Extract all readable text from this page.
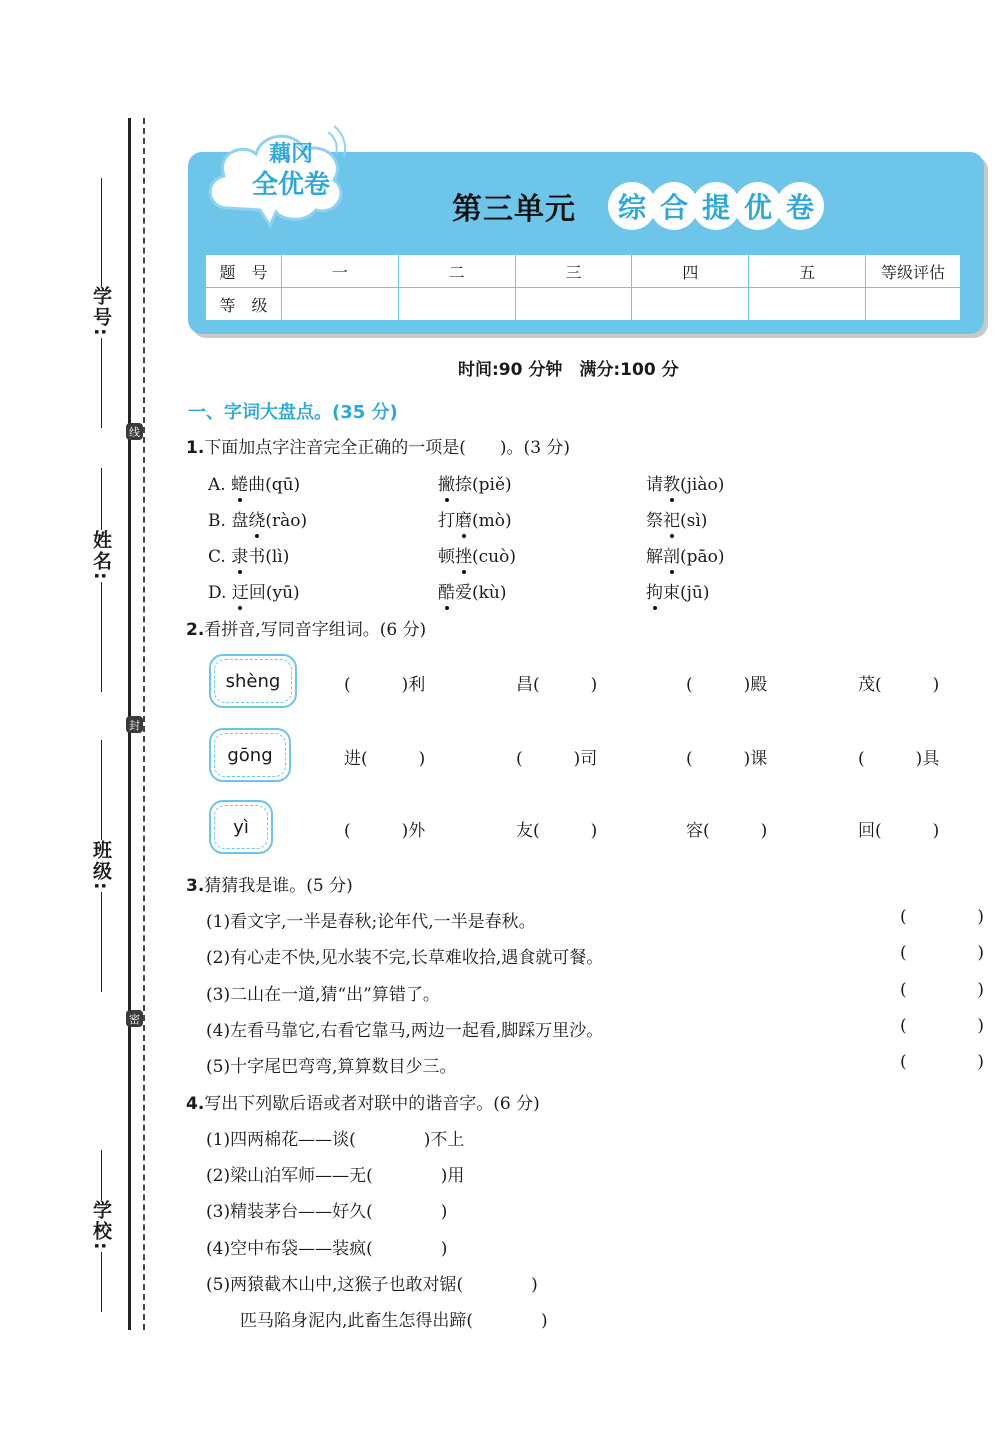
学号:
姓名:
班级:
学校:
线
封
密
藕冈
全优卷
第三单元	综 合 提 优 卷
题　号	一	二	三	四	五	等级评估
等　级						
时间:90 分钟　满分:100 分
一、字词大盘点。(35 分)
1.下面加点字注音完全正确的一项是(　　)。(3 分)
A. 蜷曲(qū)	撇捺(piě)	请教(jiào)
B. 盘绕(rào)	打磨(mò)	祭祀(sì)
C. 隶书(lì)	顿挫(cuò)	解剖(pāo)
D. 迂回(yū)	酷爱(kù)	拘束(jū)
2.看拼音,写同音字组词。(6 分)
shèng	(　　　)利	昌(　　　)	(　　　)殿	茂(　　　)
gōng	进(　　　)	(　　　)司	(　　　)课	(　　　)具
yì	(　　　)外	友(　　　)	容(　　　)	回(　　　)
3.猜猜我是谁。(5 分)
(1)看文字,一半是春秋;论年代,一半是春秋。	(	)
(2)有心走不快,见水装不完,长草难收拾,遇食就可餐。	(	)
(3)二山在一道,猜“出”算错了。	(	)
(4)左看马靠它,右看它靠马,两边一起看,脚踩万里沙。	(	)
(5)十字尾巴弯弯,算算数目少三。	(	)
4.写出下列歇后语或者对联中的谐音字。(6 分)
(1)四两棉花——谈(　　　　)不上
(2)梁山泊军师——无(　　　　)用
(3)精装茅台——好久(　　　　)
(4)空中布袋——装疯(　　　　)
(5)两猿截木山中,这猴子也敢对锯(　　　　)
匹马陷身泥内,此畜生怎得出蹄(　　　　)
